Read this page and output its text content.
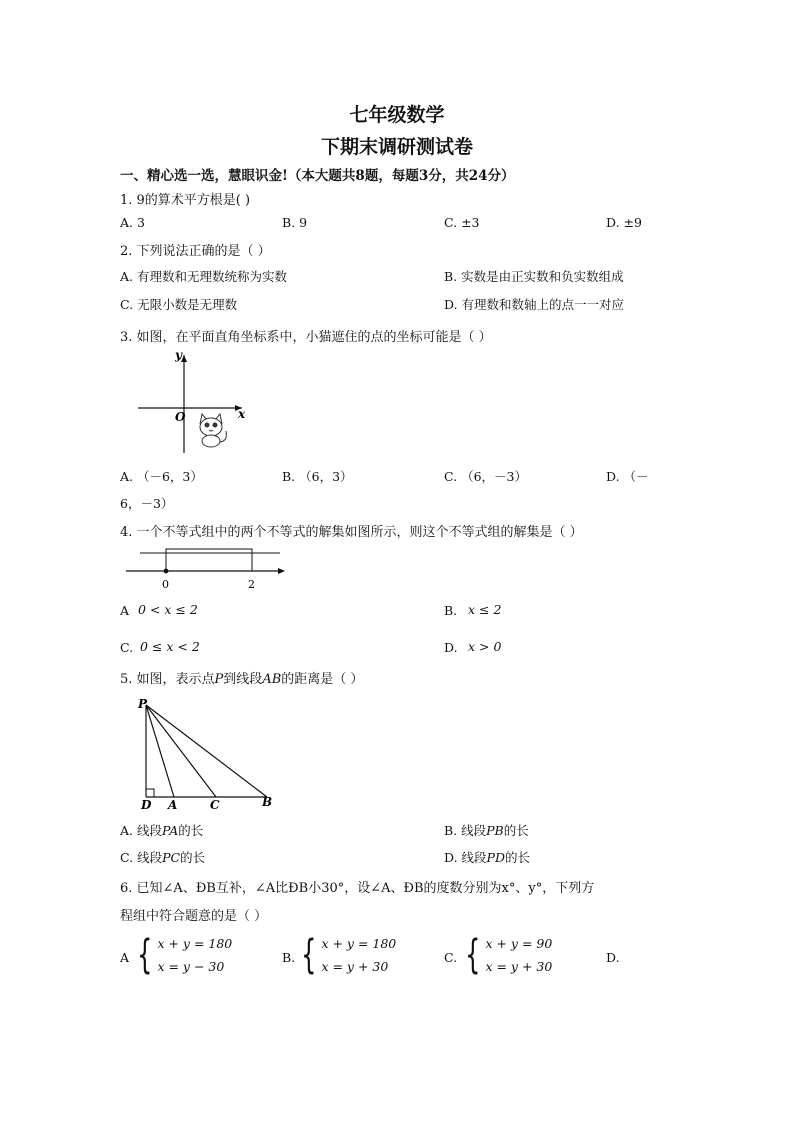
七年级数学
下期末调研测试卷
一、精心选一选，慧眼识金!（本大题共8题，每题3分，共24分）
1. 9的算术平方根是( )
A. 3	B. 9	C. ±3	D. ±9
2. 下列说法正确的是（ ）
A. 有理数和无理数统称为实数	B. 实数是由正实数和负实数组成
C. 无限小数是无理数	D. 有理数和数轴上的点一一对应
3. 如图，在平面直角坐标系中，小猫遮住的点的坐标可能是（ ）
y
x
O
A. （－6，3）	B. （6，3）	C. （6，－3）	D. （－
6，－3）
4. 一个不等式组中的两个不等式的解集如图所示，则这个不等式组的解集是（ ）
0	2
A 0 < x ≤ 2	B. x ≤ 2
C. 0 ≤ x < 2	D. x > 0
5. 如图，表示点P到线段AB的距离是（ ）
P
D A	C	B
A. 线段PA的长	B. 线段PB的长
C. 线段PC的长	D. 线段PD的长
6. 已知∠A、ÐB互补，∠A比ÐB小30°，设∠A、ÐB的度数分别为x°、y°，下列方
程组中符合题意的是（ ）
A { x + y = 180
x = y − 30
B. { x + y = 180
x = y + 30
C. { x + y = 90
x = y + 30
D.
